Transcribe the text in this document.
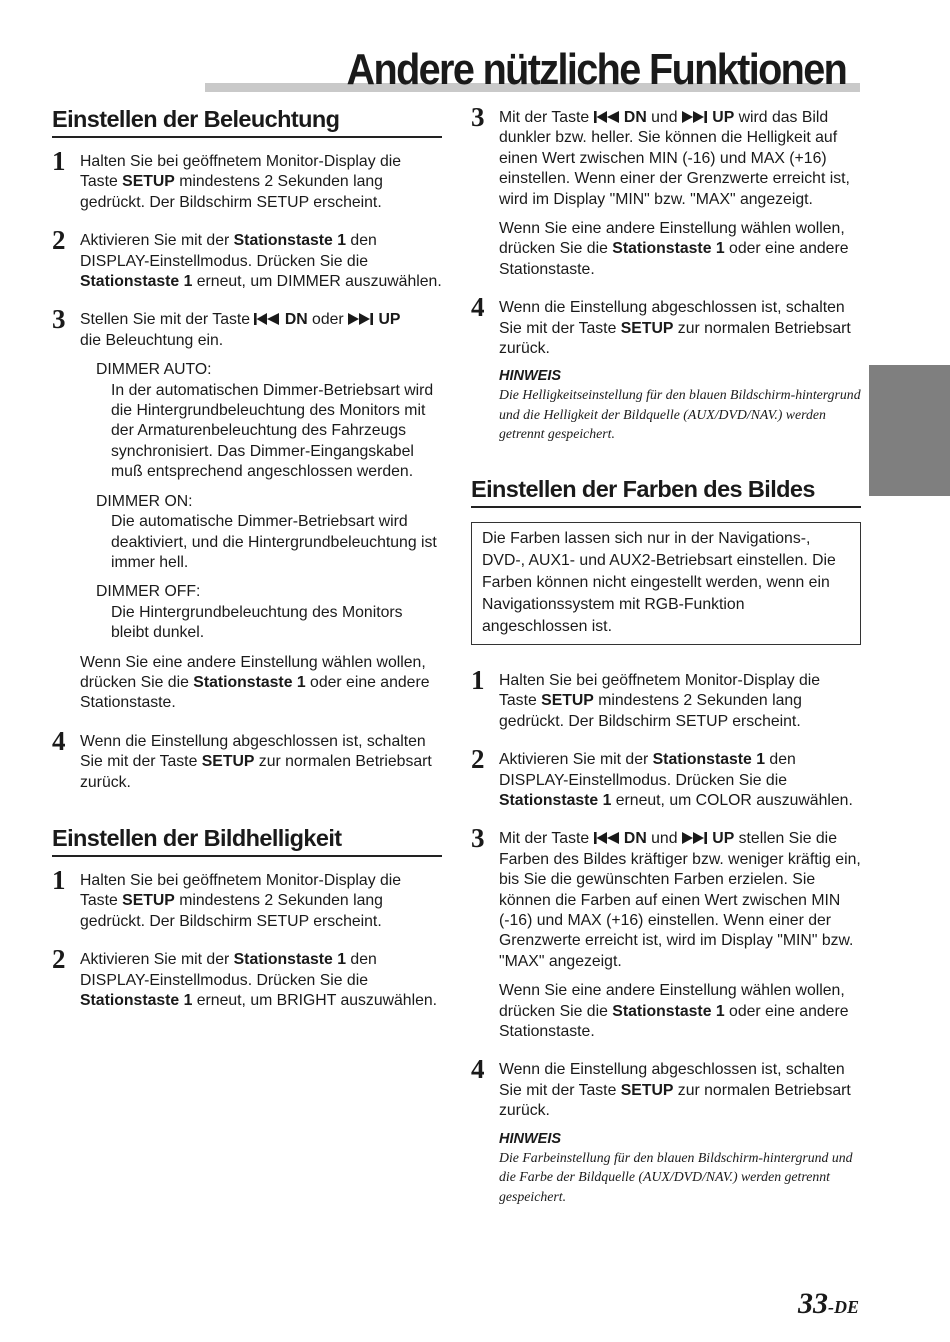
Andere nützliche Funktionen
Einstellen der Beleuchtung
1 Halten Sie bei geöffnetem Monitor-Display die Taste SETUP mindestens 2 Sekunden lang gedrückt. Der Bildschirm SETUP erscheint.

2 Aktivieren Sie mit der Stationstaste 1 den DISPLAY-Einstellmodus. Drücken Sie die Stationstaste 1 erneut, um DIMMER auszuwählen.

3 Stellen Sie mit der Taste  DN oder  UP
die Beleuchtung ein.

DIMMER AUTO:
In der automatischen Dimmer-Betriebsart wird die Hintergrundbeleuchtung des Monitors mit der Armaturenbeleuchtung des Fahrzeugs synchronisiert. Das Dimmer-Eingangskabel muß entsprechend angeschlossen werden.
DIMMER ON:
Die automatische Dimmer-Betriebsart wird deaktiviert, und die Hintergrundbeleuchtung ist immer hell.
DIMMER OFF:
Die Hintergrundbeleuchtung des Monitors bleibt dunkel.

Wenn Sie eine andere Einstellung wählen wollen, drücken Sie die Stationstaste 1 oder eine andere Stationstaste.

4 Wenn die Einstellung abgeschlossen ist, schalten Sie mit der Taste SETUP zur normalen Betriebsart zurück.

Einstellen der Bildhelligkeit
1 Halten Sie bei geöffnetem Monitor-Display die Taste SETUP mindestens 2 Sekunden lang gedrückt. Der Bildschirm SETUP erscheint.

2 Aktivieren Sie mit der Stationstaste 1 den DISPLAY-Einstellmodus. Drücken Sie die Stationstaste 1 erneut, um BRIGHT auszuwählen.

3 Mit der Taste  DN und  UP wird das Bild dunkler bzw. heller. Sie können die Helligkeit auf einen Wert zwischen MIN (-16) und MAX (+16) einstellen. Wenn einer der Grenzwerte erreicht ist, wird im Display "MIN" bzw. "MAX" angezeigt.

Wenn Sie eine andere Einstellung wählen wollen, drücken Sie die Stationstaste 1 oder eine andere Stationstaste.

4 Wenn die Einstellung abgeschlossen ist, schalten Sie mit der Taste SETUP zur normalen Betriebsart zurück.

HINWEIS
Die Helligkeitseinstellung für den blauen Bildschirm-hintergrund und die Helligkeit der Bildquelle (AUX/DVD/NAV.) werden getrennt gespeichert.
Einstellen der Farben des Bildes
Die Farben lassen sich nur in der Navigations-, DVD-, AUX1- und AUX2-Betriebsart einstellen. Die Farben können nicht eingestellt werden, wenn ein Navigationssystem mit RGB-Funktion angeschlossen ist.
1 Halten Sie bei geöffnetem Monitor-Display die Taste SETUP mindestens 2 Sekunden lang gedrückt. Der Bildschirm SETUP erscheint.

2 Aktivieren Sie mit der Stationstaste 1 den DISPLAY-Einstellmodus. Drücken Sie die Stationstaste 1 erneut, um COLOR auszuwählen.

3 Mit der Taste  DN und  UP stellen Sie die Farben des Bildes kräftiger bzw. weniger kräftig ein, bis Sie die gewünschten Farben erzielen. Sie können die Farben auf einen Wert zwischen MIN (-16) und MAX (+16) einstellen. Wenn einer der Grenzwerte erreicht ist, wird im Display "MIN" bzw. "MAX" angezeigt.

Wenn Sie eine andere Einstellung wählen wollen, drücken Sie die Stationstaste 1 oder eine andere Stationstaste.

4 Wenn die Einstellung abgeschlossen ist, schalten Sie mit der Taste SETUP zur normalen Betriebsart zurück.

HINWEIS
Die Farbeinstellung für den blauen Bildschirm-hintergrund und die Farbe der Bildquelle (AUX/DVD/NAV.) werden getrennt gespeichert.

33-DE
